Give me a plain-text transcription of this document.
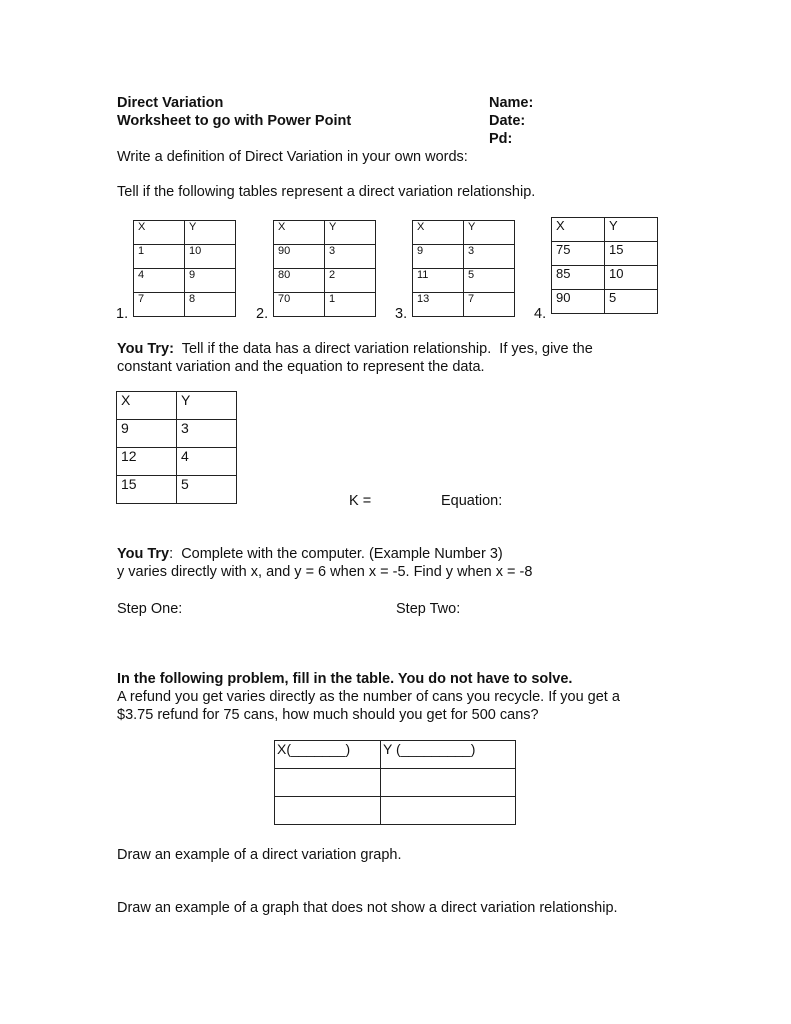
Direct Variation
Worksheet to go with Power Point
Name:
Date:
Pd:
Write a definition of Direct Variation in your own words:
Tell if the following tables represent a direct variation relationship.
1.
X	Y
1	10
4	9
7	8
2.
X	Y
90	3
80	2
70	1
3.
X	Y
9	3
11	5
13	7
4.
X	Y
75	15
85	10
90	5
You Try:  Tell if the data has a direct variation relationship.  If yes, give the
constant variation and the equation to represent the data.
X	Y
9	3
12	4
15	5
K =	Equation:
You Try:  Complete with the computer. (Example Number 3)
y varies directly with x, and y = 6 when x = -5. Find y when x = -8
Step One:	Step Two:
In the following problem, fill in the table. You do not have to solve.
A refund you get varies directly as the number of cans you recycle. If you get a
$3.75 refund for 75 cans, how much should you get for 500 cans?
X(_______)	Y (_________)

Draw an example of a direct variation graph.
Draw an example of a graph that does not show a direct variation relationship.
